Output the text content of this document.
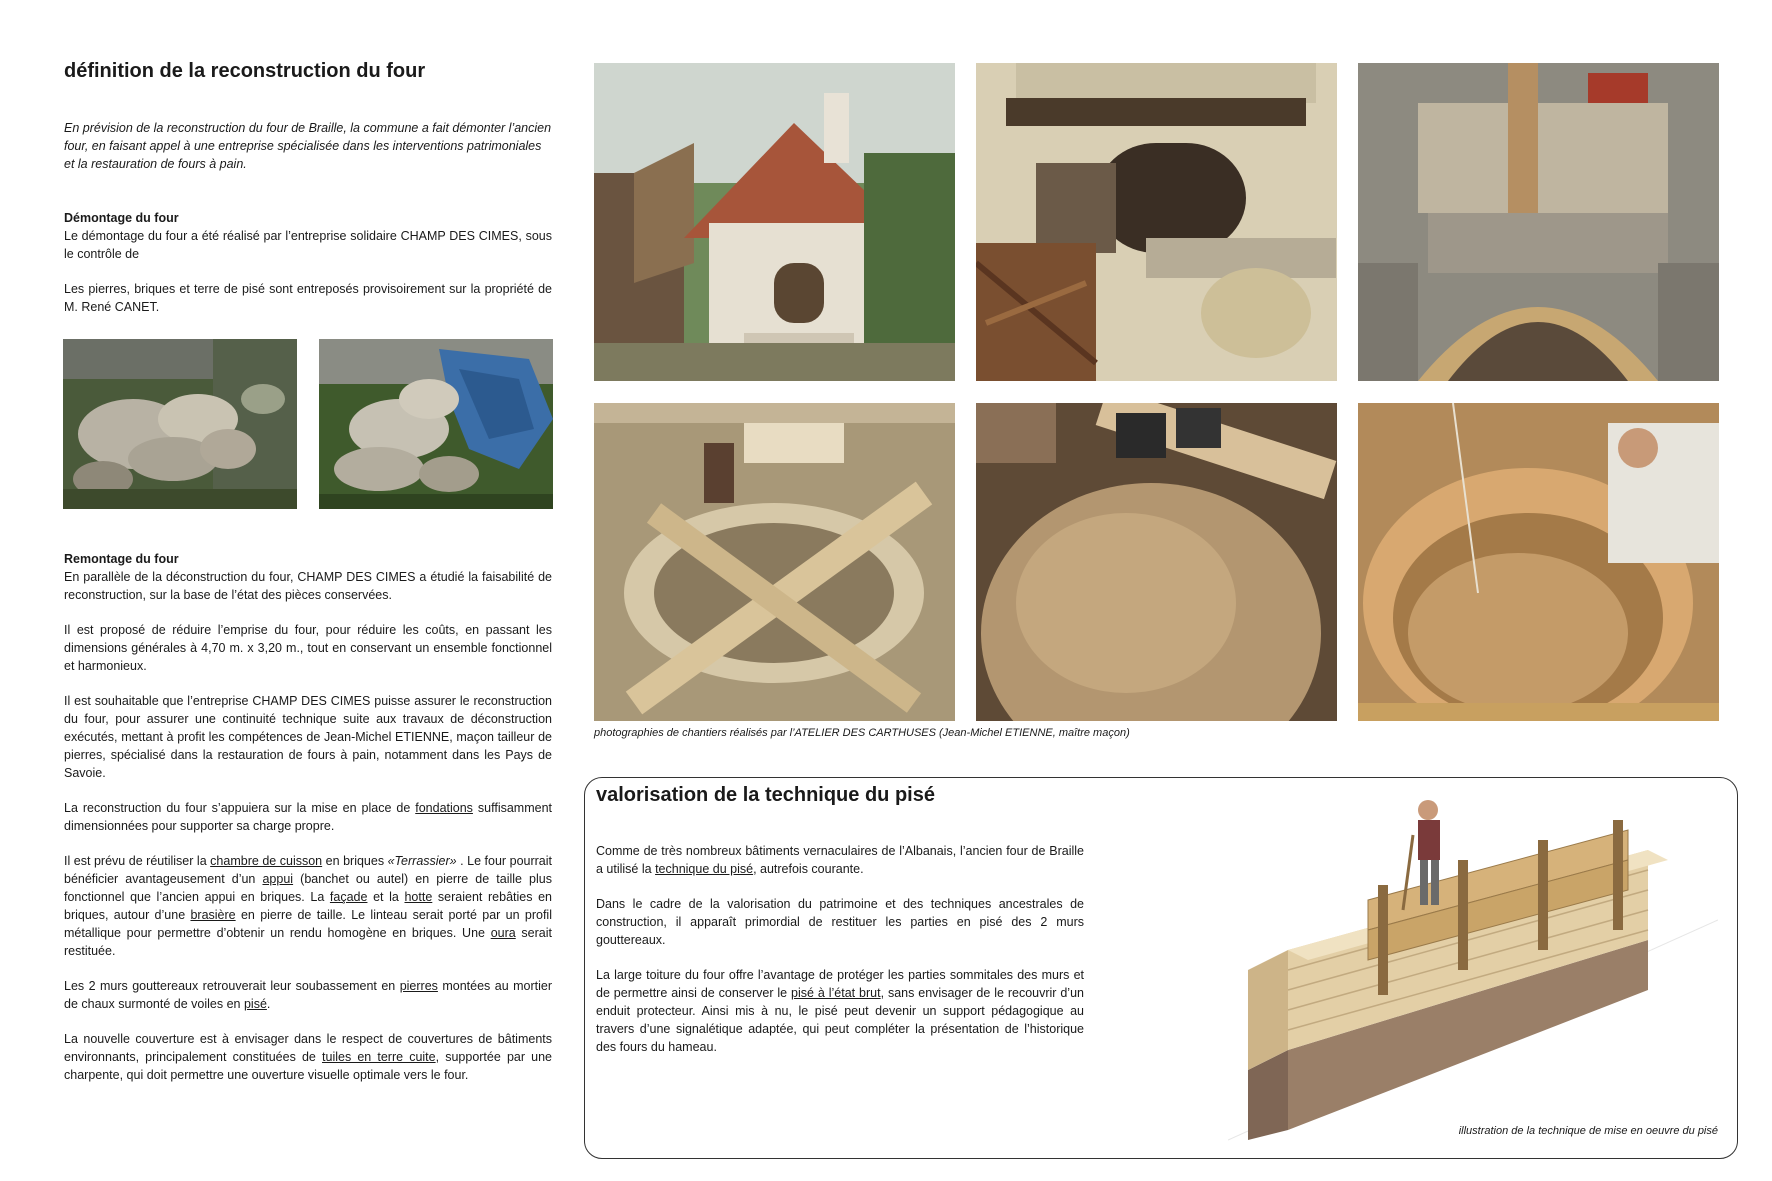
définition de la reconstruction du four

En prévision de la reconstruction du four de Braille, la commune a fait démonter l’ancien four, en faisant appel à une entreprise spécialisée dans les interventions patrimoniales et la restauration de fours à pain.

Démontage du four

Le démontage du four a été réalisé par l’entreprise solidaire CHAMP DES CIMES, sous le contrôle de

Les pierres, briques et terre de pisé sont entreposés provisoirement sur la propriété de M. René CANET.

Remontage du four

En parallèle de la déconstruction du four, CHAMP DES CIMES a étudié la faisabilité de reconstruction, sur la base de l’état des pièces conservées.

Il est proposé de réduire l’emprise du four, pour réduire les coûts, en passant les dimensions générales à 4,70 m. x 3,20 m., tout en conservant un ensemble fonctionnel et harmonieux.

Il est souhaitable que l’entreprise CHAMP DES CIMES puisse assurer le reconstruction du four, pour assurer une continuité technique suite aux travaux de déconstruction exécutés, mettant à profit les compétences de Jean-Michel ETIENNE, maçon tailleur de pierres, spécialisé dans la restauration de fours à pain, notamment dans les Pays de Savoie.

La reconstruction du four s’appuiera sur la mise en place de fondations suffisamment dimensionnées pour supporter sa charge propre.

Il est prévu de réutiliser la chambre de cuisson en briques «Terrassier» . Le four pourrait bénéficier avantageusement d’un appui (banchet ou autel) en pierre de taille plus fonctionnel que l’ancien appui en briques. La façade et la hotte seraient rebâties en briques, autour d’une brasière en pierre de taille. Le linteau serait porté par un profil métallique pour permettre d’obtenir un rendu homogène en briques. Une oura serait restituée.

Les 2 murs gouttereaux retrouverait leur soubassement en pierres montées au mortier de chaux surmonté de voiles en pisé.

La nouvelle couverture est à envisager dans le respect de couvertures de bâtiments environnants, principalement constituées de tuiles en terre cuite, supportée par une charpente, qui doit permettre une ouverture visuelle optimale vers le four.

photographies de chantiers réalisés par l’ATELIER DES CARTHUSES (Jean-Michel ETIENNE, maître maçon)

valorisation de la technique du pisé

Comme de très nombreux bâtiments vernaculaires de l’Albanais, l’ancien four de Braille a utilisé la technique du pisé, autrefois courante.

Dans le cadre de la valorisation du patrimoine et des techniques ancestrales de construction, il apparaît primordial de restituer les parties en pisé des 2 murs gouttereaux.

La large toiture du four offre l’avantage de protéger les parties sommitales des murs et de permettre ainsi de conserver le pisé à l’état brut, sans envisager de le recouvrir d’un enduit protecteur. Ainsi mis à nu, le pisé peut devenir un support pédagogique au travers d’une signalétique adaptée, qui peut compléter la présentation de l’historique des fours du hameau.

illustration de la technique de mise en oeuvre du pisé
